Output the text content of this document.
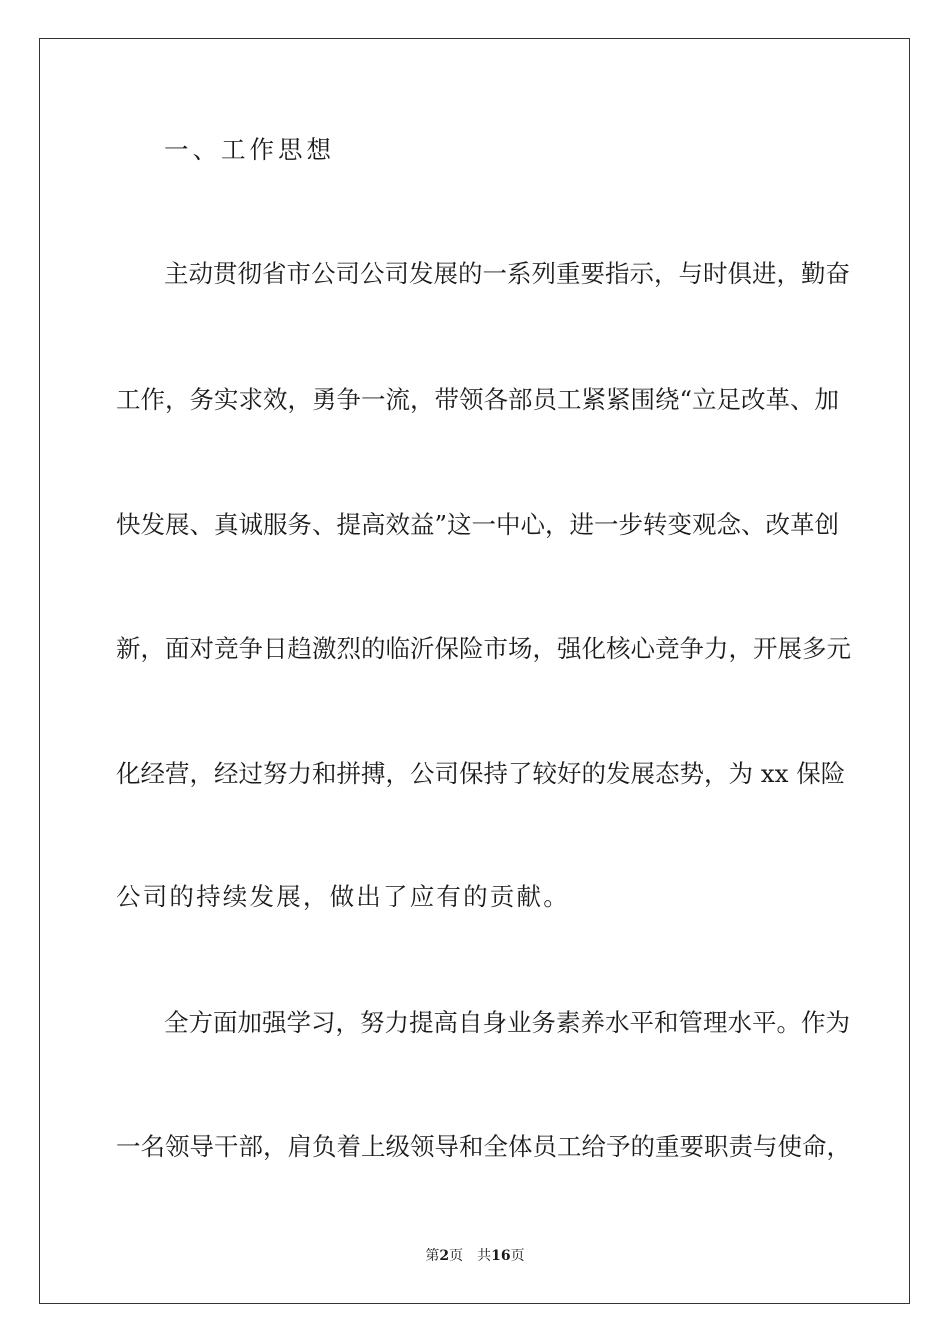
一、工作思想
主动贯彻省市公司公司发展的一系列重要指示，与时俱进，勤奋
工作，务实求效，勇争一流，带领各部员工紧紧围绕“立足改革、加
快发展、真诚服务、提高效益”这一中心，进一步转变观念、改革创
新，面对竞争日趋激烈的临沂保险市场，强化核心竞争力，开展多元
化经营，经过努力和拼搏，公司保持了较好的发展态势，为 xx 保险
公司的持续发展，做出了应有的贡献。
全方面加强学习，努力提高自身业务素养水平和管理水平。作为
一名领导干部，肩负着上级领导和全体员工给予的重要职责与使命，
第2页 共16页
